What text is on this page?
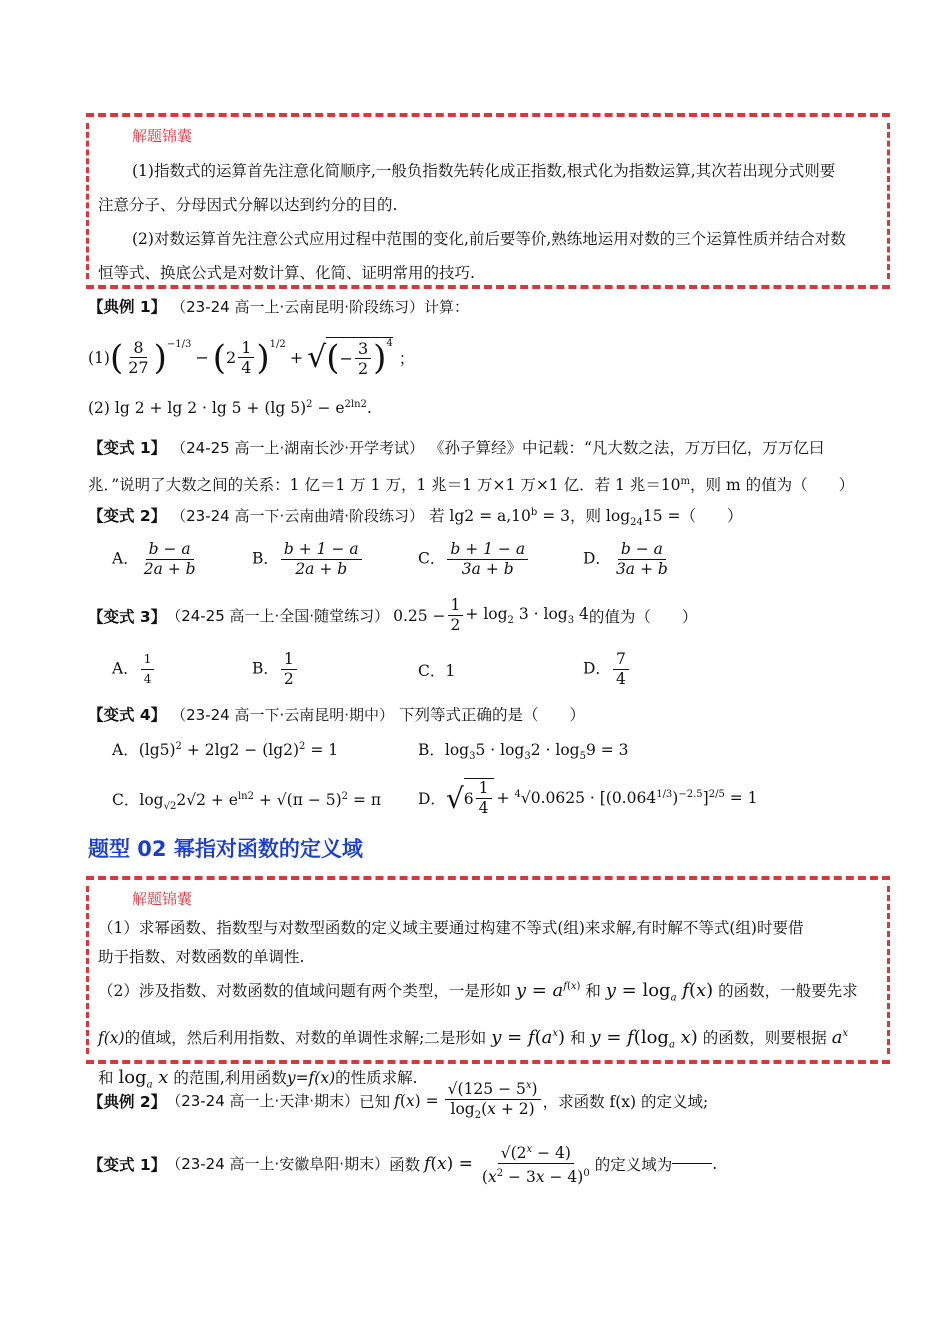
解题锦囊
(1)指数式的运算首先注意化简顺序,一般负指数先转化成正指数,根式化为指数运算,其次若出现分式则要
注意分子、分母因式分解以达到约分的目的.
(2)对数运算首先注意公式应用过程中范围的变化,前后要等价,熟练地运用对数的三个运算性质并结合对数
恒等式、换底公式是对数计算、化简、证明常用的技巧.
【典例 1】 （23-24 高一上·云南昆明·阶段练习）计算：
(1) ( $\frac{8}{27} )^{-1/3}$
− ( $2 \frac{1}{4} )^{1/2}$
+ √ ( − $\frac{3}{2} )^4$
；
(2) lg 2 + lg 2 · lg 5 + (lg $5)^2 - e^{2ln2}$.
【变式 1】 （24-25 高一上·湖南长沙·开学考试） 《孙子算经》中记载：“凡大数之法，万万曰亿，万万亿曰
兆．”说明了大数之间的关系：1 亿＝1 万 1 万，1 兆＝1 万×1 万×1 亿．若 1 兆$=10^m$，则 m 的值为（　　）
【变式 2】 （23-24 高一下·云南曲靖·阶段练习） 若 lg2 = a,10$^b$ = 3，则 $\log_{24}15$ =（　　）
A． $\frac{b - a}{2a + b}$	B． $\frac{b + 1 - a}{2a + b}$	C． $\frac{b + 1 - a}{3a + b}$	D． $\frac{b - a}{3a + b}$
【变式 3】 （24-25 高一上·全国·随堂练习） $0.25 - \frac{1}{2} + \log_2 3 \cdot \log_3 4$ 的值为（　　）
A． $\frac{1}{4}$	B． $\frac{1}{2}$	C．1	D． $\frac{7}{4}$
【变式 4】 （23-24 高一下·云南昆明·期中） 下列等式正确的是（　　）
A．$(\lg 5)^2 + 2\lg 2 - (\lg 2)^2 = 1$	B．$\log_35 \cdot \log_32 \cdot \log_59 = 3$
C．$\log_{√2}2√2 + e^{ln2} + √(\pi - 5)^2 = \pi$ D． √ $6 \frac{1}{4} + ^4√0.0625 \cdot [(0.064^{1/3})^{-2.5}]^{2/5} = 1$
题型 02 幂指对函数的定义域
解题锦囊
（1）求幂函数、指数型与对数型函数的定义域主要通过构建不等式(组)来求解,有时解不等式(组)时要借
助于指数、对数函数的单调性.
（2）涉及指数、对数函数的值域问题有两个类型，一是形如 $y = a^{f(x)}$ 和 $y = \log_a f(x)$ 的函数，一般要先求
f(x)的值域，然后利用指数、对数的单调性求解;二是形如 $y = f(a^x)$ 和 $y = f(\log_a$ x) 的函数，则要根据 $a^x$
和 $\log_a x$ 的范围,利用函数y=f(x)的性质求解.
【典例 2】 （23-24 高一上·天津·期末） 已知 $f(x) = \frac{√(125 - 5^x)}{\log_2(x + 2)}$ ，求函数 f(x) 的定义域;
【变式 1】 （23-24 高一上·安徽阜阳·期末） 函数 $f(x) = \frac{√(2^x - 4)}{(x^2 - 3x - 4)^0}$ 的定义域为	.
